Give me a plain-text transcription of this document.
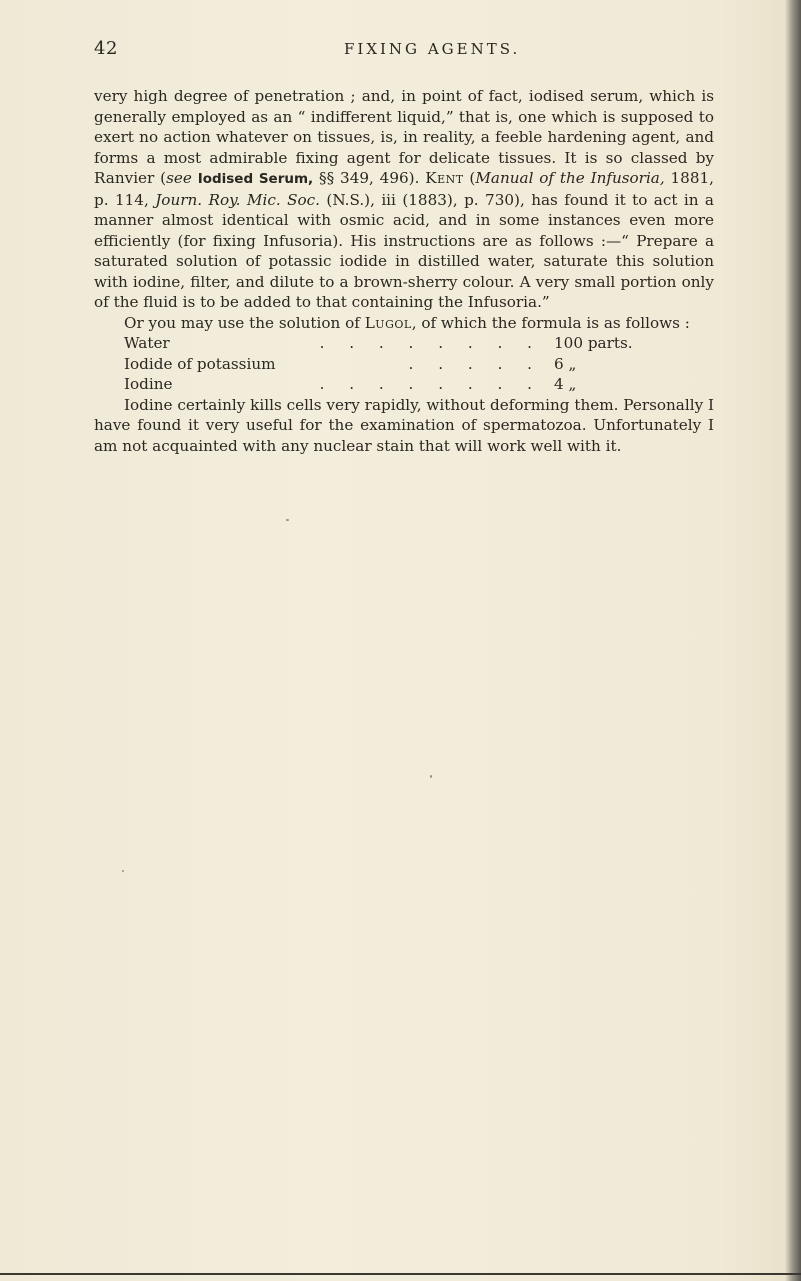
42	FIXING AGENTS.

very high degree of penetration ; and, in point of fact, iodised serum, which is generally employed as an “ indifferent liquid,” that is, one which is supposed to exert no action whatever on tissues, is, in reality, a feeble hardening agent, and forms a most admirable fixing agent for delicate tissues. It is so classed by Ranvier (see Iodised Serum, §§ 349, 496). Kent (Manual of the Infusoria, 1881, p. 114, Journ. Roy. Mic. Soc. (N.S.), iii (1883), p. 730), has found it to act in a manner almost identical with osmic acid, and in some instances even more efficiently (for fixing Infusoria). His instructions are as follows :—“ Prepare a saturated solution of potassic iodide in distilled water, saturate this solution with iodine, filter, and dilute to a brown-sherry colour. A very small portion only of the fluid is to be added to that containing the Infusoria.”

Or you may use the solution of Lugol, of which the formula is as follows :

Water	. . . . . . . . 100 parts.
Iodide of potassium	. . . . . 6 „
Iodine	. . . . . . . . 4 „

Iodine certainly kills cells very rapidly, without deforming them. Personally I have found it very useful for the examination of spermatozoa. Unfortunately I am not acquainted with any nuclear stain that will work well with it.
